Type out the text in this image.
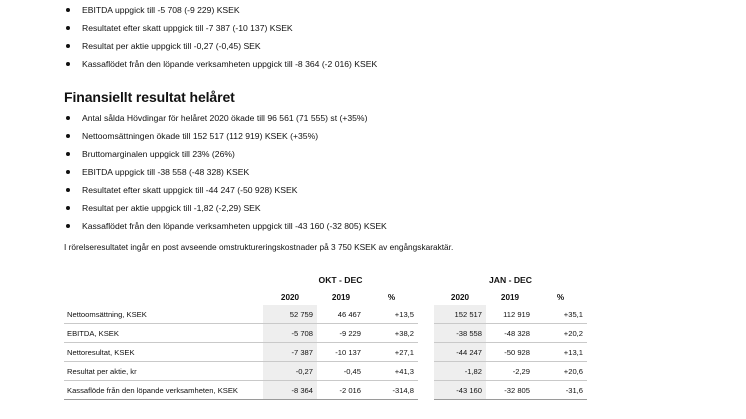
EBITDA uppgick till -5 708 (-9 229) KSEK
Resultatet efter skatt uppgick till -7 387 (-10 137) KSEK
Resultat per aktie uppgick till -0,27 (-0,45) SEK
Kassaflödet från den löpande verksamheten uppgick till -8 364 (-2 016) KSEK
Finansiellt resultat helåret
Antal sålda Hövdingar för helåret 2020 ökade till 96 561 (71 555) st (+35%)
Nettoomsättningen ökade till 152 517 (112 919) KSEK (+35%)
Bruttomarginalen uppgick till 23% (26%)
EBITDA uppgick till -38 558 (-48 328) KSEK
Resultatet efter skatt uppgick till -44 247 (-50 928) KSEK
Resultat per aktie uppgick till -1,82 (-2,29) SEK
Kassaflödet från den löpande verksamheten uppgick till -43 160 (-32 805) KSEK

I rörelseresultatet ingår en post avseende omstruktureringskostnader på 3 750 KSEK av engångskaraktär.

	OKT - DEC				JAN - DEC		
	2020	2019	%		2020	2019	%
Nettoomsättning, KSEK	52 759	46 467	+13,5		152 517	112 919	+35,1
EBITDA, KSEK	-5 708	-9 229	+38,2		-38 558	-48 328	+20,2
Nettoresultat, KSEK	-7 387	-10 137	+27,1		-44 247	-50 928	+13,1
Resultat per aktie, kr	-0,27	-0,45	+41,3		-1,82	-2,29	+20,6
Kassaflöde från den löpande verksamheten, KSEK	-8 364	-2 016	-314,8		-43 160	-32 805	-31,6
